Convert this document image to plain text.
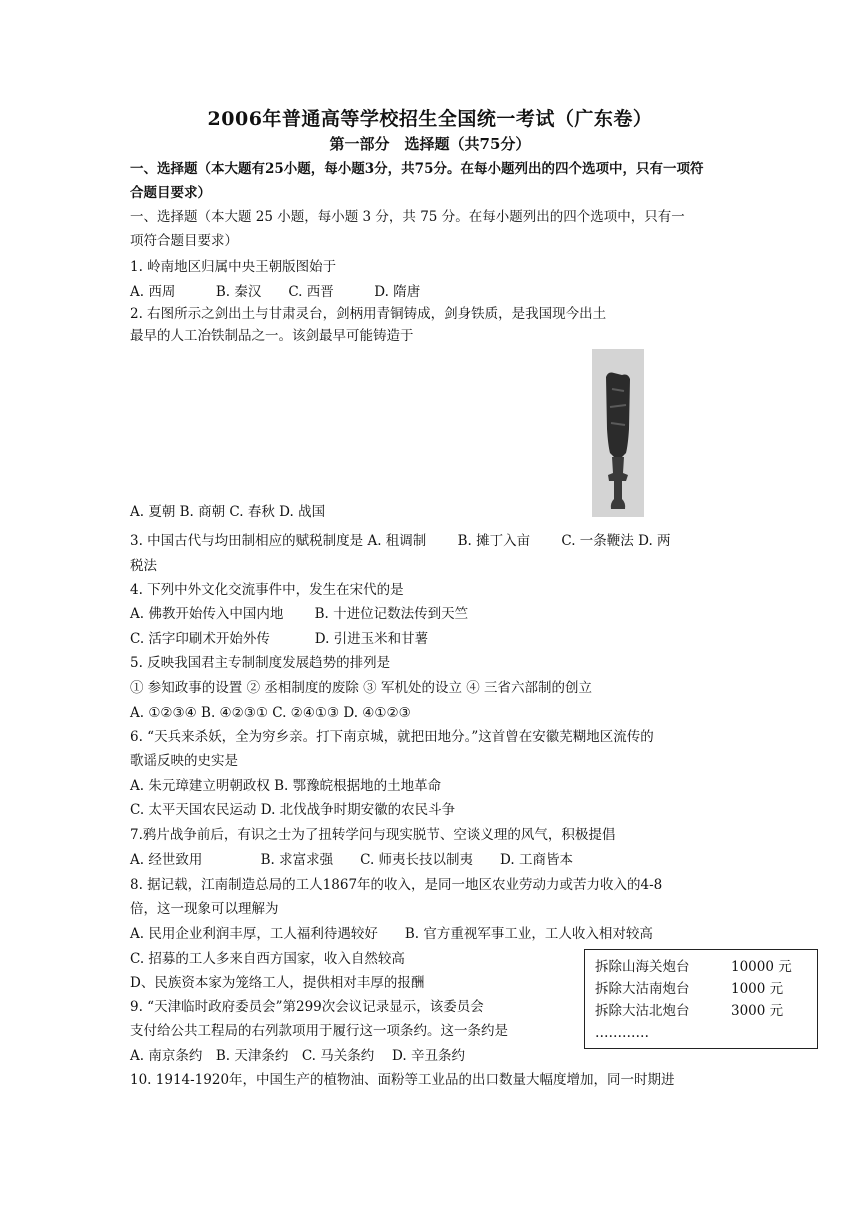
2006年普通高等学校招生全国统一考试（广东卷）
第一部分　选择题（共75分）
一、选择题（本大题有25小题，每小题3分，共75分。在每小题列出的四个选项中，只有一项符
合题目要求）
一、选择题（本大题 25 小题，每小题 3 分，共 75 分。在每小题列出的四个选项中，只有一
项符合题目要求）
1. 岭南地区归属中央王朝版图始于
A. 西周　　　B. 秦汉　　C. 西晋　　　D. 隋唐
2. 右图所示之剑出土与甘肃灵台，剑柄用青铜铸成，剑身铁质，是我国现今出土
最早的人工冶铁制品之一。该剑最早可能铸造于
A. 夏朝 B. 商朝 C. 春秋 D. 战国
3. 中国古代与均田制相应的赋税制度是 A. 租调制　　 B. 摊丁入亩　　 C. 一条鞭法 D. 两
税法
4. 下列中外文化交流事件中，发生在宋代的是
A. 佛教开始传入中国内地　　 B. 十进位记数法传到天竺
C. 活字印刷术开始外传　　　 D. 引进玉米和甘薯
5. 反映我国君主专制制度发展趋势的排列是
① 参知政事的设置 ② 丞相制度的废除 ③ 军机处的设立 ④ 三省六部制的创立
A. ①②③④ B. ④②③① C. ②④①③ D. ④①②③
6. “天兵来杀妖，全为穷乡亲。打下南京城，就把田地分。”这首曾在安徽芜糊地区流传的
歌谣反映的史实是
A. 朱元璋建立明朝政权 B. 鄂豫皖根据地的土地革命
C. 太平天国农民运动 D. 北伐战争时期安徽的农民斗争
7.鸦片战争前后，有识之士为了扭转学问与现实脱节、空谈义理的风气，积极提倡
A. 经世致用　　　　 B. 求富求强　　C. 师夷长技以制夷　　D. 工商皆本
8. 据记载，江南制造总局的工人1867年的收入，是同一地区农业劳动力或苦力收入的4-8
倍，这一现象可以理解为
A. 民用企业利润丰厚，工人福利待遇较好　　B. 官方重视军事工业，工人收入相对较高
C. 招募的工人多来自西方国家，收入自然较高
D、民族资本家为笼络工人，提供相对丰厚的报酬
9. “天津临时政府委员会”第299次会议记录显示，该委员会
支付给公共工程局的右列款项用于履行这一项条约。这一条约是
A. 南京条约　B. 天津条约　C. 马关条约　 D. 辛丑条约
10. 1914-1920年，中国生产的植物油、面粉等工业品的出口数量大幅度增加，同一时期进
拆除山海关炮台	10000 元
拆除大沽南炮台	1000 元
拆除大沽北炮台	3000 元
…………
